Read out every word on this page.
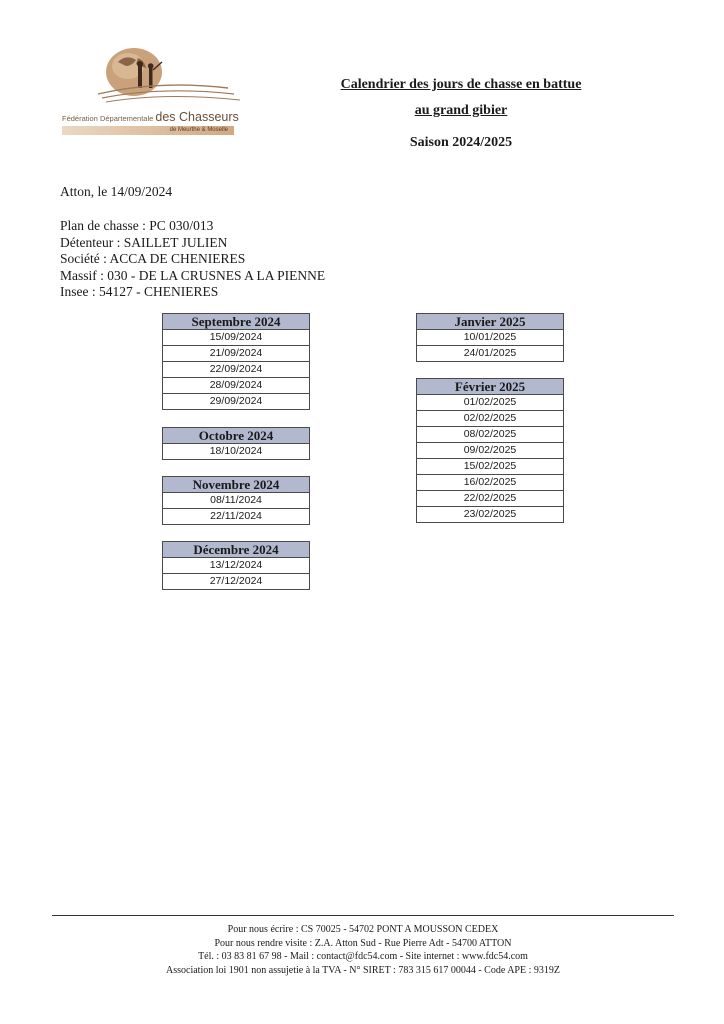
Fédération Départementale des Chasseurs
de Meurthe & Moselle
Calendrier des jours de chasse en battue
au grand gibier
Saison 2024/2025
Atton, le 14/09/2024
Plan de chasse : PC 030/013
Détenteur : SAILLET JULIEN
Société : ACCA DE CHENIERES
Massif : 030 - DE LA CRUSNES A LA PIENNE
Insee : 54127 - CHENIERES
Septembre 2024
15/09/2024
21/09/2024
22/09/2024
28/09/2024
29/09/2024
Octobre 2024
18/10/2024
Novembre 2024
08/11/2024
22/11/2024
Décembre 2024
13/12/2024
27/12/2024
Janvier 2025
10/01/2025
24/01/2025
Février 2025
01/02/2025
02/02/2025
08/02/2025
09/02/2025
15/02/2025
16/02/2025
22/02/2025
23/02/2025
Pour nous écrire : CS 70025 - 54702 PONT A MOUSSON CEDEX
Pour nous rendre visite : Z.A. Atton Sud - Rue Pierre Adt - 54700 ATTON
Tél. : 03 83 81 67 98 - Mail : contact@fdc54.com - Site internet : www.fdc54.com
Association loi 1901 non assujetie à la TVA - N° SIRET : 783 315 617 00044 - Code APE : 9319Z
